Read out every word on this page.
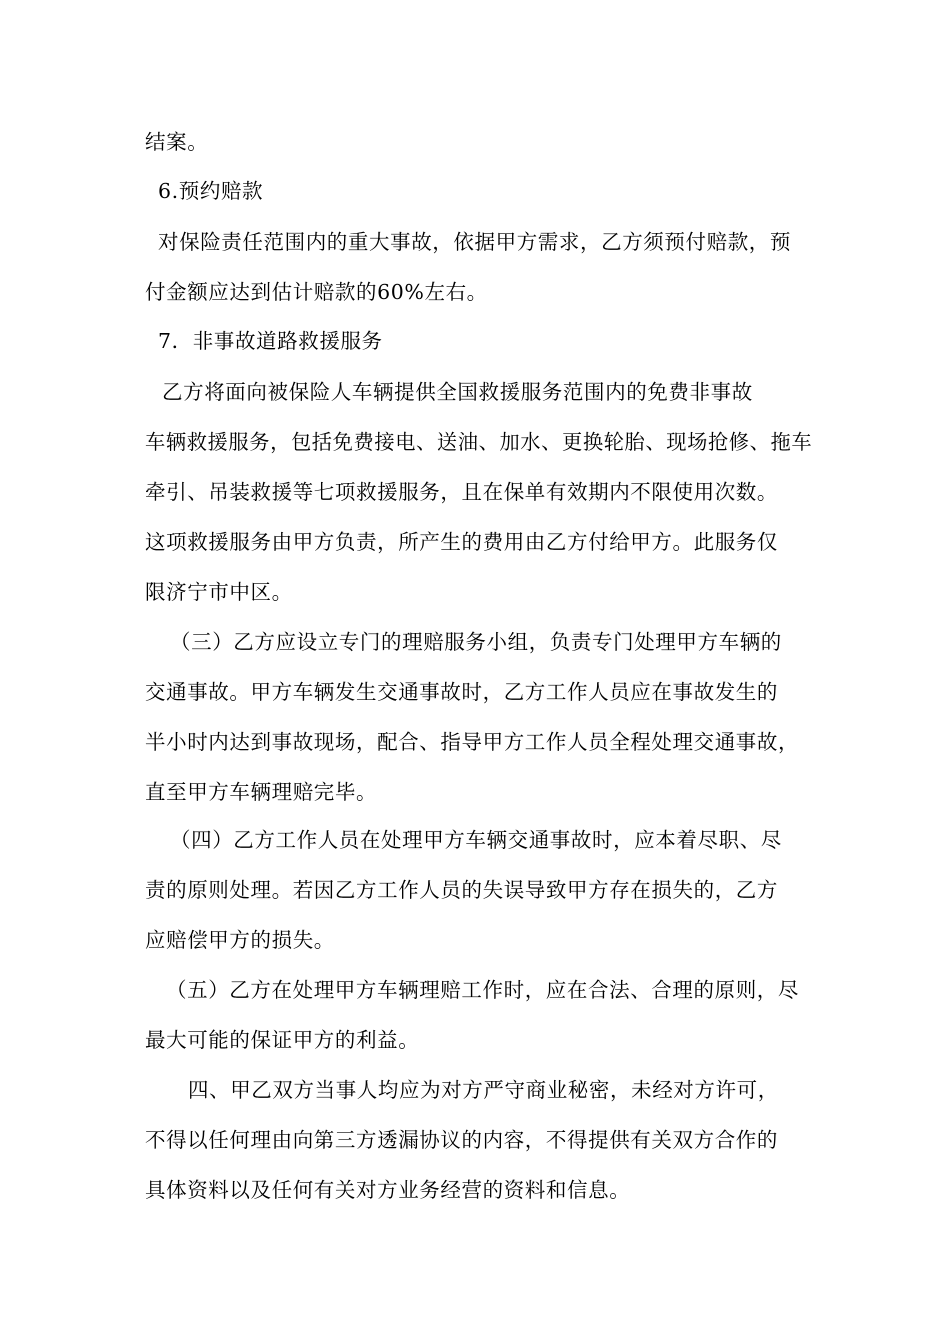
结案。
6.预约赔款
对保险责任范围内的重大事故，依据甲方需求，乙方须预付赔款，预
付金额应达到估计赔款的60%左右。
7．非事故道路救援服务
乙方将面向被保险人车辆提供全国救援服务范围内的免费非事故
车辆救援服务，包括免费接电、送油、加水、更换轮胎、现场抢修、拖车
牵引、吊装救援等七项救援服务，且在保单有效期内不限使用次数。
这项救援服务由甲方负责，所产生的费用由乙方付给甲方。此服务仅
限济宁市中区。
（三）乙方应设立专门的理赔服务小组，负责专门处理甲方车辆的
交通事故。甲方车辆发生交通事故时，乙方工作人员应在事故发生的
半小时内达到事故现场，配合、指导甲方工作人员全程处理交通事故，
直至甲方车辆理赔完毕。
（四）乙方工作人员在处理甲方车辆交通事故时，应本着尽职、尽
责的原则处理。若因乙方工作人员的失误导致甲方存在损失的，乙方
应赔偿甲方的损失。
（五）乙方在处理甲方车辆理赔工作时，应在合法、合理的原则，尽
最大可能的保证甲方的利益。
四、甲乙双方当事人均应为对方严守商业秘密，未经对方许可，
不得以任何理由向第三方透漏协议的内容，不得提供有关双方合作的
具体资料以及任何有关对方业务经营的资料和信息。
